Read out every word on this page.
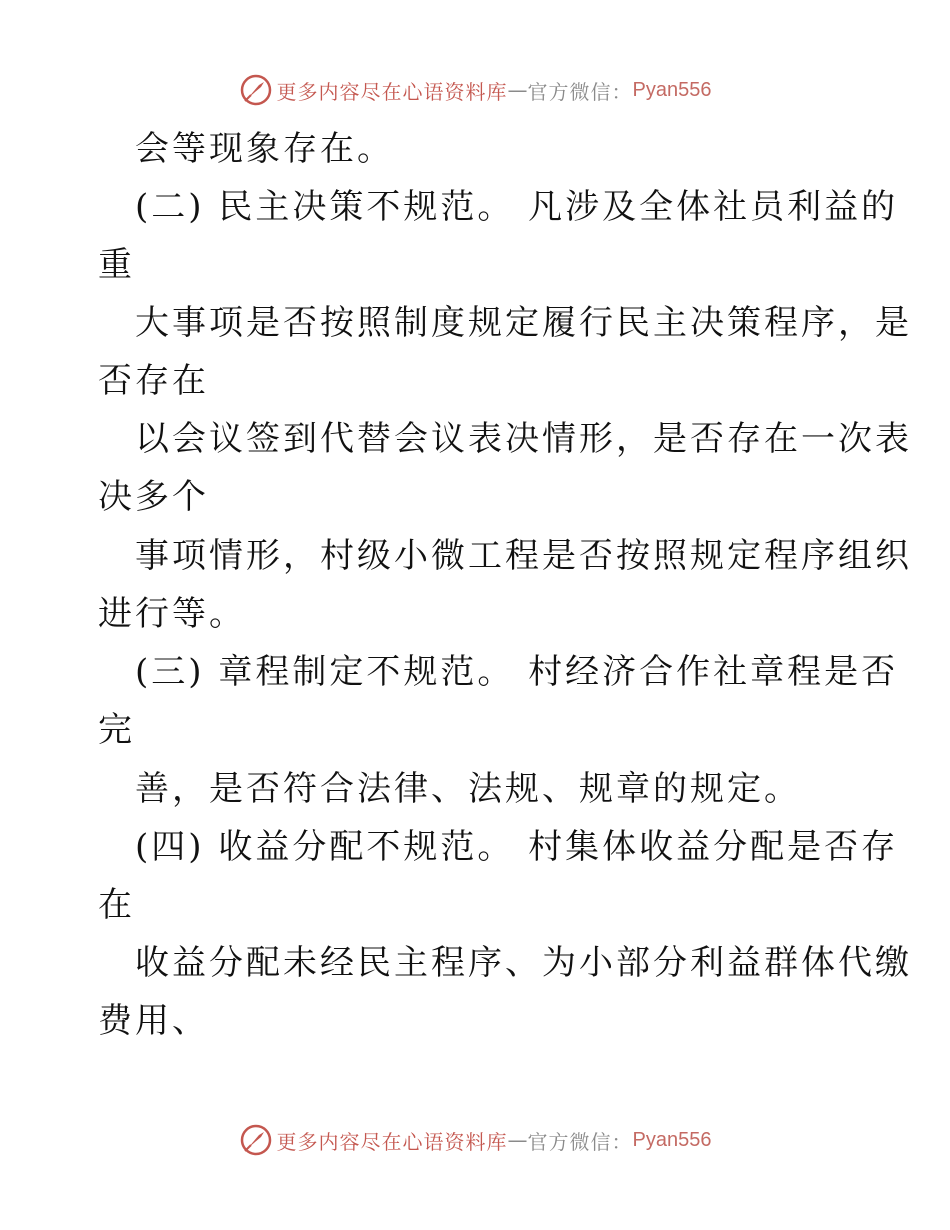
更多内容尽在心语资料库 — 官方微信： Pyan556
会等现象存在。
(二) 民主决策不规范。 凡涉及全体社员利益的
重
大事项是否按照制度规定履行民主决策程序，是
否存在
以会议签到代替会议表决情形，是否存在一次表
决多个
事项情形，村级小微工程是否按照规定程序组织
进行等。
(三) 章程制定不规范。 村经济合作社章程是否
完
善，是否符合法律、法规、规章的规定。
(四) 收益分配不规范。 村集体收益分配是否存
在
收益分配未经民主程序、为小部分利益群体代缴
费用、
更多内容尽在心语资料库 — 官方微信： Pyan556
